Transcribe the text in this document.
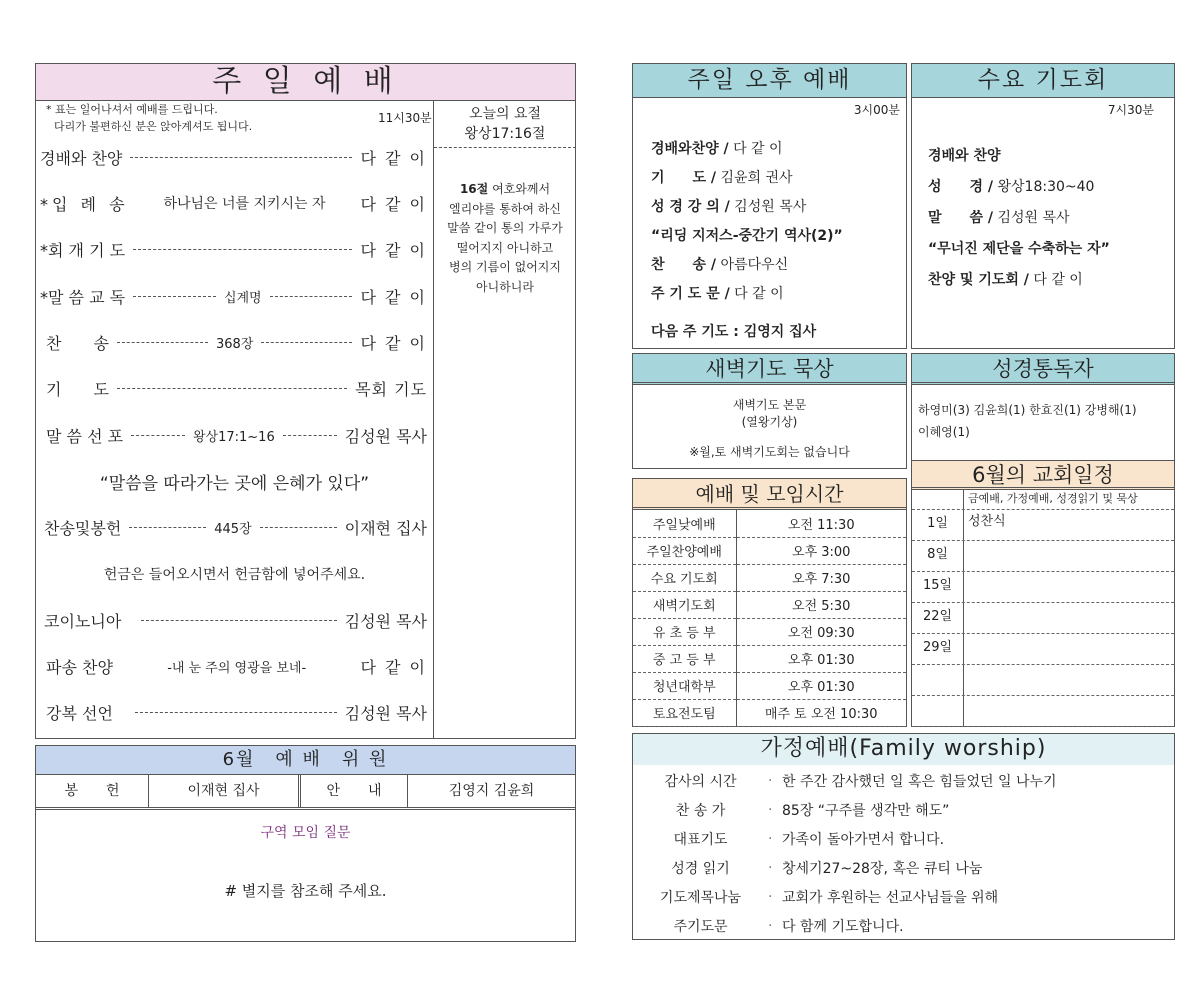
주 일 예 배
* 표는 일어나셔서 예배를 드립니다.
다리가 불편하신 분은 앉아계셔도 됩니다.
11시30분	오늘의 요절
왕상17:16절
16절 여호와께서
엘리야를 통하여 하신
말씀 같이 통의 가루가
떨어지지 아니하고
병의 기름이 없어지지
아니하니라
경배와 찬양	다 같 이
*입 례 송	하나님은 너를 지키시는 자	다 같 이
*회 개 기 도	다 같 이
*말 씀 교 독	십계명	다 같 이
찬　　송	368장	다 같 이
기　　도	목회 기도
말 씀 선 포	왕상17:1~16	김성원 목사
“말씀을 따라가는 곳에 은혜가 있다”
찬송및봉헌	445장	이재현 집사
헌금은 들어오시면서 헌금함에 넣어주세요.
코이노니아	김성원 목사
파송 찬양	-내 눈 주의 영광을 보네-	다 같 이
강복 선언	김성원 목사
6월　예 배　위 원
봉　　헌	이재현 집사	안　　내	김영지 김윤희
구역 모임 질문
# 별지를 참조해 주세요.
주일 오후 예배
3시00분
경배와찬양 / 다 같 이
기　　도 / 김윤희 권사
성 경 강 의 / 김성원 목사
“리딩 지저스-중간기 역사(2)”
찬　　송 / 아름다우신
주 기 도 문 / 다 같 이
다음 주 기도 : 김영지 집사
수요 기도회
7시30분
경배와 찬양
성　　경 / 왕상18:30~40
말　　씀 / 김성원 목사
“무너진 제단을 수축하는 자”
찬양 및 기도회 / 다 같 이
새벽기도 묵상
새벽기도 본문
(열왕기상)
※월,토 새벽기도회는 없습니다
성경통독자
하영미(3) 김윤희(1) 한효진(1) 강병해(1)
이혜영(1)
예배 및 모임시간
주일낮예배	오전 11:30
주일찬양예배	오후 3:00
수요 기도회	오후 7:30
새벽기도회	오전 5:30
유 초 등 부	오전 09:30
중 고 등 부	오후 01:30
청년대학부	오후 01:30
토요전도팀	매주 토 오전 10:30
6월의 교회일정
금예배, 가정예배, 성경읽기 및 묵상
1일	성찬식
8일
15일
22일
29일
가정예배(Family worship)
감사의 시간	· 한 주간 감사했던 일 혹은 힘들었던 일 나누기
찬 송 가	· 85장 “구주를 생각만 해도”
대표기도	· 가족이 돌아가면서 합니다.
성경 읽기	· 창세기27~28장, 혹은 큐티 나눔
기도제목나눔	· 교회가 후원하는 선교사님들을 위해
주기도문	· 다 함께 기도합니다.
